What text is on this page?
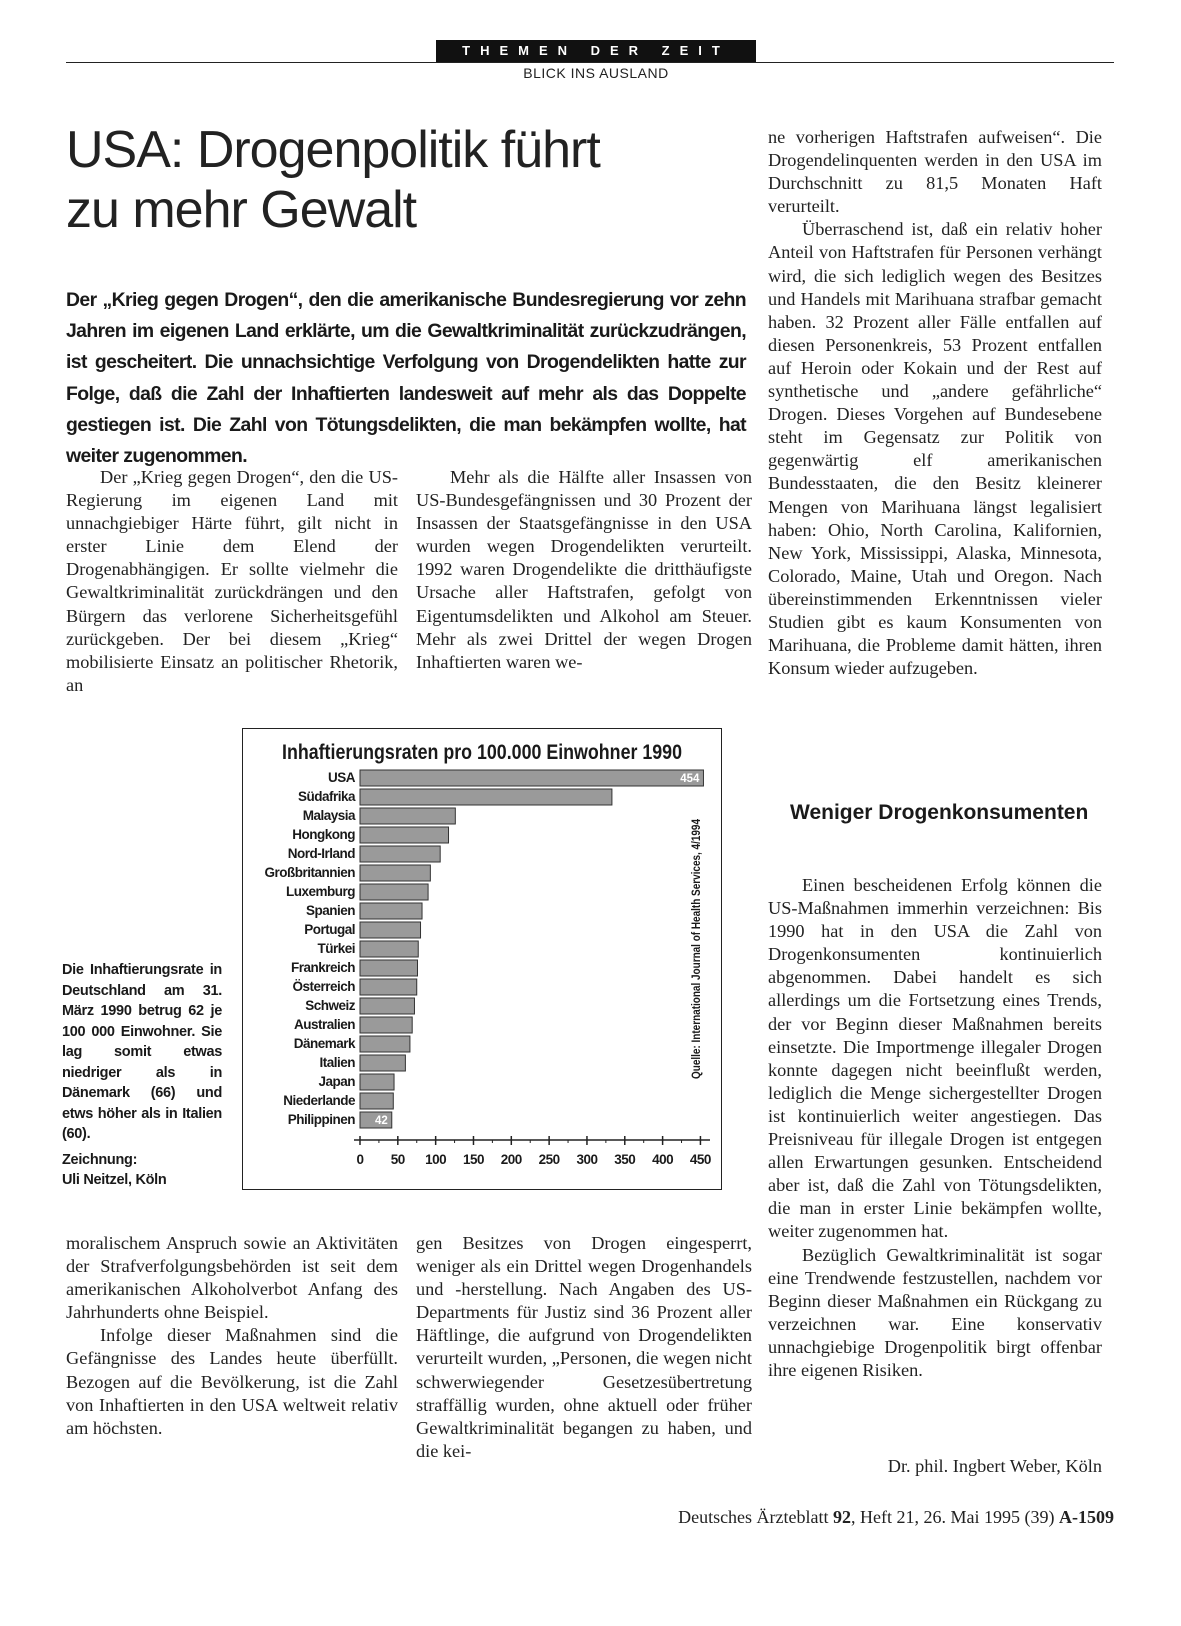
THEMEN DER ZEIT
BLICK INS AUSLAND
USA: Drogenpolitik führt
zu mehr Gewalt
Der „Krieg gegen Drogen“, den die amerikanische Bundesregierung vor zehn Jahren im eigenen Land erklärte, um die Gewaltkriminalität zurückzudrängen, ist gescheitert. Die unnachsichtige Verfolgung von Drogendelikten hatte zur Folge, daß die Zahl der Inhaftierten landesweit auf mehr als das Doppelte gestiegen ist. Die Zahl von Tötungsdelikten, die man bekämpfen wollte, hat weiter zugenommen.

Der „Krieg gegen Drogen“, den die US-Regierung im eigenen Land mit unnachgiebiger Härte führt, gilt nicht in erster Linie dem Elend der Drogenabhängigen. Er sollte vielmehr die Gewaltkriminalität zurückdrängen und den Bürgern das verlorene Sicherheitsgefühl zurückgeben. Der bei diesem „Krieg“ mobilisierte Einsatz an politischer Rhetorik, an

Mehr als die Hälfte aller Insassen von US-Bundesgefängnissen und 30 Prozent der Insassen der Staatsgefängnisse in den USA wurden wegen Drogendelikten verurteilt. 1992 waren Drogendelikte die dritthäufigste Ursache aller Haftstrafen, gefolgt von Eigentumsdelikten und Alkohol am Steuer. Mehr als zwei Drittel der wegen Drogen Inhaftierten waren we-

Die Inhaftierungsrate in Deutschland am 31. März 1990 betrug 62 je 100 000 Einwohner. Sie lag somit etwas niedriger als in Dänemark (66) und etws höher als in Italien (60).
Zeichnung:
Uli Neitzel, Köln
Inhaftierungsraten pro 100.000 Einwohner 1990
USA	454
Südafrika
Malaysia
Hongkong
Nord-Irland
Großbritannien
Luxemburg
Spanien
Portugal
Türkei
Frankreich
Österreich
Schweiz
Australien
Dänemark
Italien
Japan
Niederlande
Philippinen 42
0 50 100 150 200 250 300 350 400 450
Quelle: International Journal of Health Services, 4/1994

moralischem Anspruch sowie an Aktivitäten der Strafverfolgungsbehörden ist seit dem amerikanischen Alkoholverbot Anfang des Jahrhunderts ohne Beispiel.

Infolge dieser Maßnahmen sind die Gefängnisse des Landes heute überfüllt. Bezogen auf die Bevölkerung, ist die Zahl von Inhaftierten in den USA weltweit relativ am höchsten.

gen Besitzes von Drogen eingesperrt, weniger als ein Drittel wegen Drogenhandels und -herstellung. Nach Angaben des US-Departments für Justiz sind 36 Prozent aller Häftlinge, die aufgrund von Drogendelikten verurteilt wurden, „Personen, die wegen nicht schwerwiegender Gesetzesübertretung straffällig wurden, ohne aktuell oder früher Gewaltkriminalität begangen zu haben, und die kei-

ne vorherigen Haftstrafen aufweisen“. Die Drogendelinquenten werden in den USA im Durchschnitt zu 81,5 Monaten Haft verurteilt.

Überraschend ist, daß ein relativ hoher Anteil von Haftstrafen für Personen verhängt wird, die sich lediglich wegen des Besitzes und Handels mit Marihuana strafbar gemacht haben. 32 Prozent aller Fälle entfallen auf diesen Personenkreis, 53 Prozent entfallen auf Heroin oder Kokain und der Rest auf synthetische und „andere gefährliche“ Drogen. Dieses Vorgehen auf Bundesebene steht im Gegensatz zur Politik von gegenwärtig elf amerikanischen Bundesstaaten, die den Besitz kleinerer Mengen von Marihuana längst legalisiert haben: Ohio, North Carolina, Kalifornien, New York, Mississippi, Alaska, Minnesota, Colorado, Maine, Utah und Oregon. Nach übereinstimmenden Erkenntnissen vieler Studien gibt es kaum Konsumenten von Marihuana, die Probleme damit hätten, ihren Konsum wieder aufzugeben.

Weniger Drogenkonsumenten

Einen bescheidenen Erfolg können die US-Maßnahmen immerhin verzeichnen: Bis 1990 hat in den USA die Zahl von Drogenkonsumenten kontinuierlich abgenommen. Dabei handelt es sich allerdings um die Fortsetzung eines Trends, der vor Beginn dieser Maßnahmen bereits einsetzte. Die Importmenge illegaler Drogen konnte dagegen nicht beeinflußt werden, lediglich die Menge sichergestellter Drogen ist kontinuierlich weiter angestiegen. Das Preisniveau für illegale Drogen ist entgegen allen Erwartungen gesunken. Entscheidend aber ist, daß die Zahl von Tötungsdelikten, die man in erster Linie bekämpfen wollte, weiter zugenommen hat.

Bezüglich Gewaltkriminalität ist sogar eine Trendwende festzustellen, nachdem vor Beginn dieser Maßnahmen ein Rückgang zu verzeichnen war. Eine konservativ unnachgiebige Drogenpolitik birgt offenbar ihre eigenen Risiken.

Dr. phil. Ingbert Weber, Köln
Deutsches Ärzteblatt 92, Heft 21, 26. Mai 1995 (39) A-1509
